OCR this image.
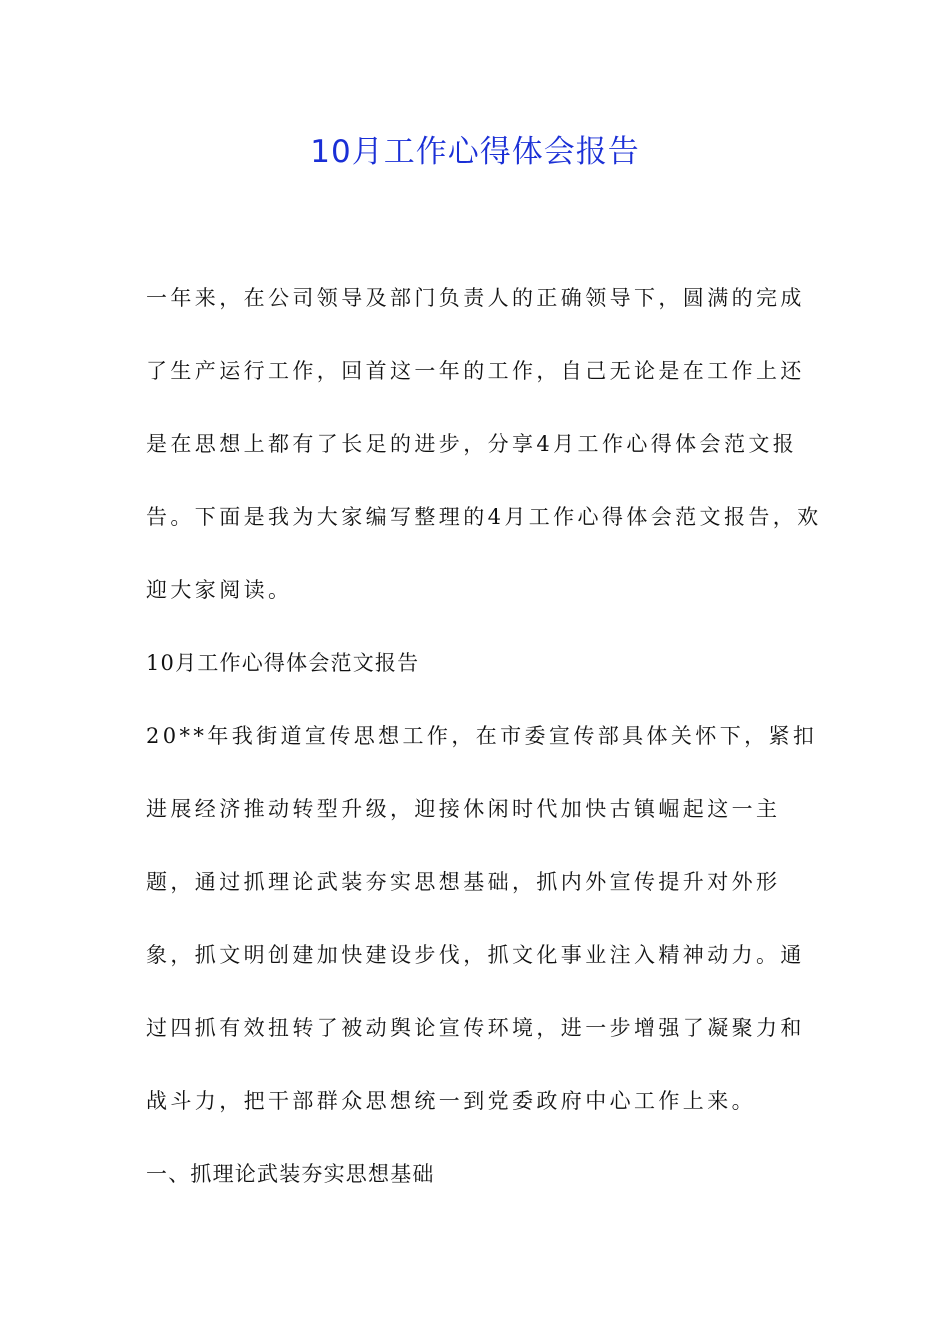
10月工作心得体会报告

一年来，在公司领导及部门负责人的正确领导下，圆满的完成了生产运行工作，回首这一年的工作，自己无论是在工作上还是在思想上都有了长足的进步，分享4月工作心得体会范文报告。下面是我为大家编写整理的4月工作心得体会范文报告，欢迎大家阅读。

10月工作心得体会范文报告

20**年我街道宣传思想工作，在市委宣传部具体关怀下，紧扣进展经济推动转型升级，迎接休闲时代加快古镇崛起这一主题，通过抓理论武装夯实思想基础，抓内外宣传提升对外形象，抓文明创建加快建设步伐，抓文化事业注入精神动力。通过四抓有效扭转了被动舆论宣传环境，进一步增强了凝聚力和战斗力，把干部群众思想统一到党委政府中心工作上来。

一、抓理论武装夯实思想基础
